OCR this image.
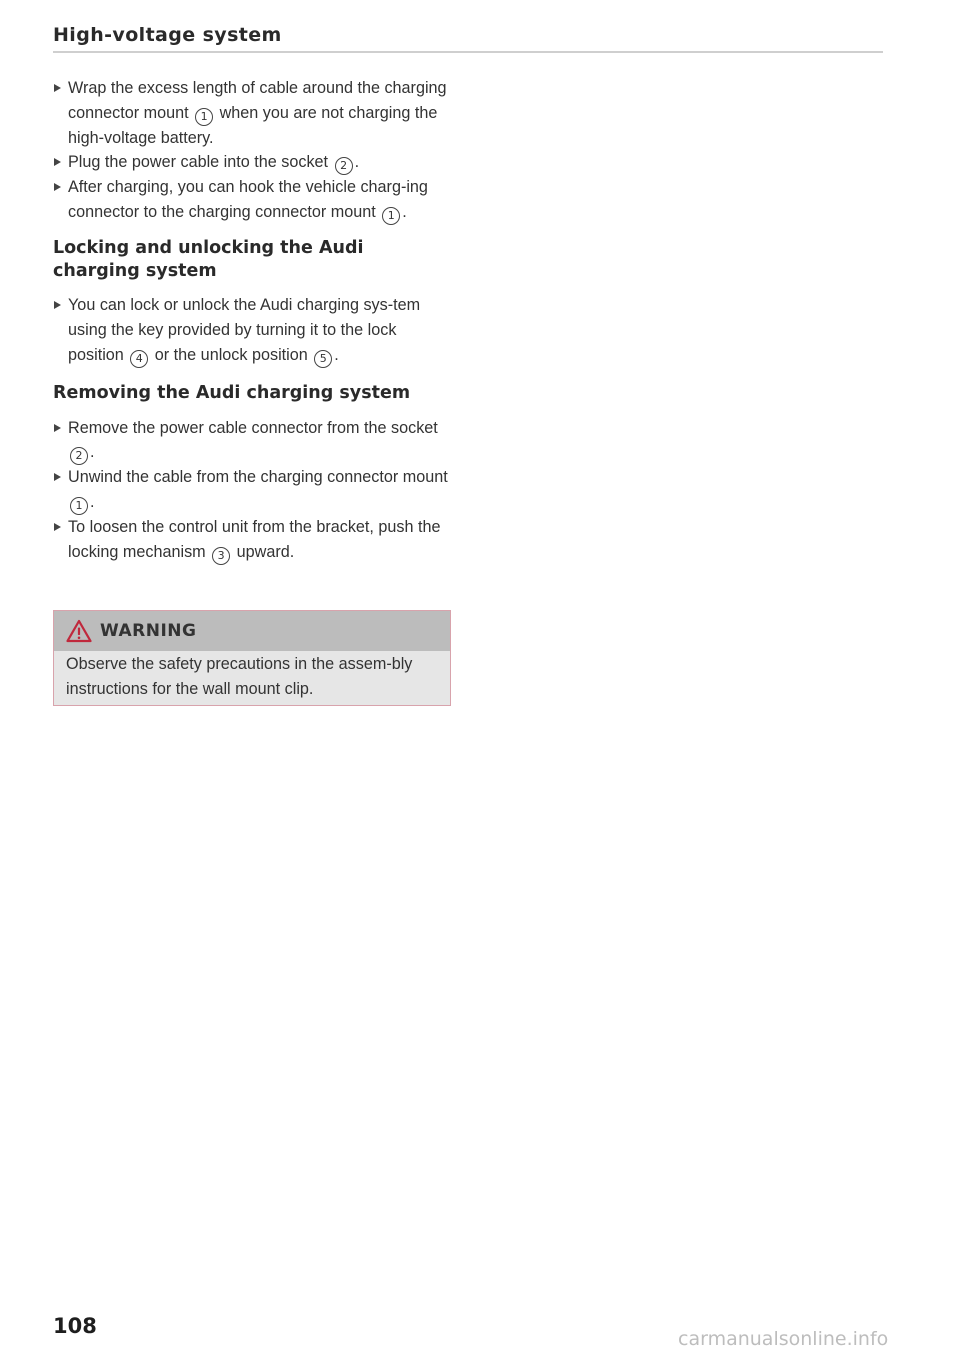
High-voltage system

Wrap the excess length of cable around the charging connector mount 1 when you are not charging the high-voltage battery.

Plug the power cable into the socket 2 .

After charging, you can hook the vehicle charg-ing connector to the charging connector mount 1 .

Locking and unlocking the Audi charging system

You can lock or unlock the Audi charging sys-tem using the key provided by turning it to the lock position 4 or the unlock position 5 .

Removing the Audi charging system

Remove the power cable connector from the socket 2 .

Unwind the cable from the charging connector mount 1 .

To loosen the control unit from the bracket, push the locking mechanism 3 upward.

WARNING
Observe the safety precautions in the assem-bly instructions for the wall mount clip.
108
carmanualsonline.info
